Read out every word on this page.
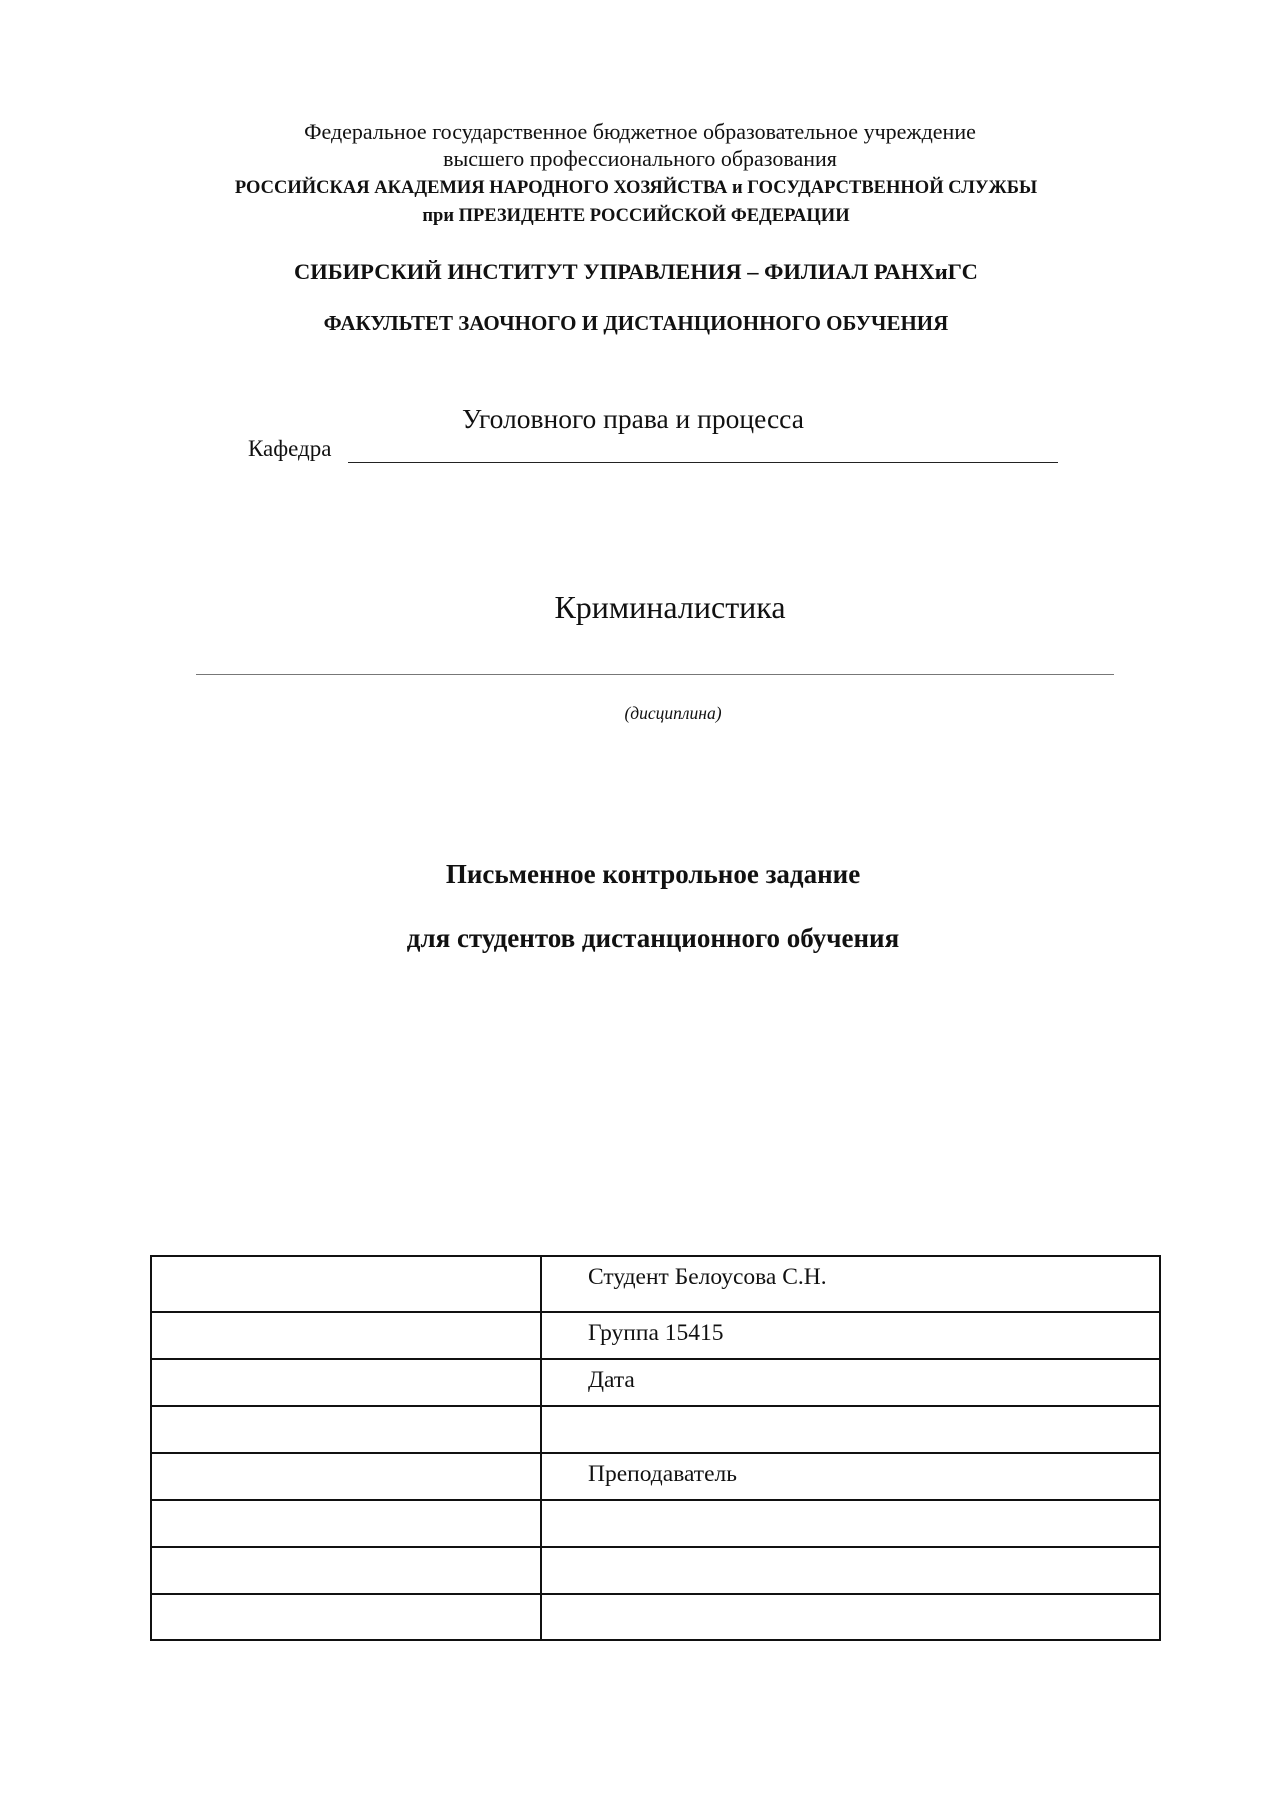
Федеральное государственное бюджетное образовательное учреждение
высшего профессионального образования
РОССИЙСКАЯ АКАДЕМИЯ НАРОДНОГО ХОЗЯЙСТВА и ГОСУДАРСТВЕННОЙ СЛУЖБЫ
при ПРЕЗИДЕНТЕ РОССИЙСКОЙ ФЕДЕРАЦИИ
СИБИРСКИЙ ИНСТИТУТ УПРАВЛЕНИЯ – ФИЛИАЛ РАНХиГС
ФАКУЛЬТЕТ ЗАОЧНОГО И ДИСТАНЦИОННОГО ОБУЧЕНИЯ
Уголовного права и процесса
Кафедра
Криминалистика
(дисциплина)
Письменное контрольное задание
для студентов дистанционного обучения

	Студент Белоусова С.Н.

	Группа 15415

	Дата

	Преподаватель
